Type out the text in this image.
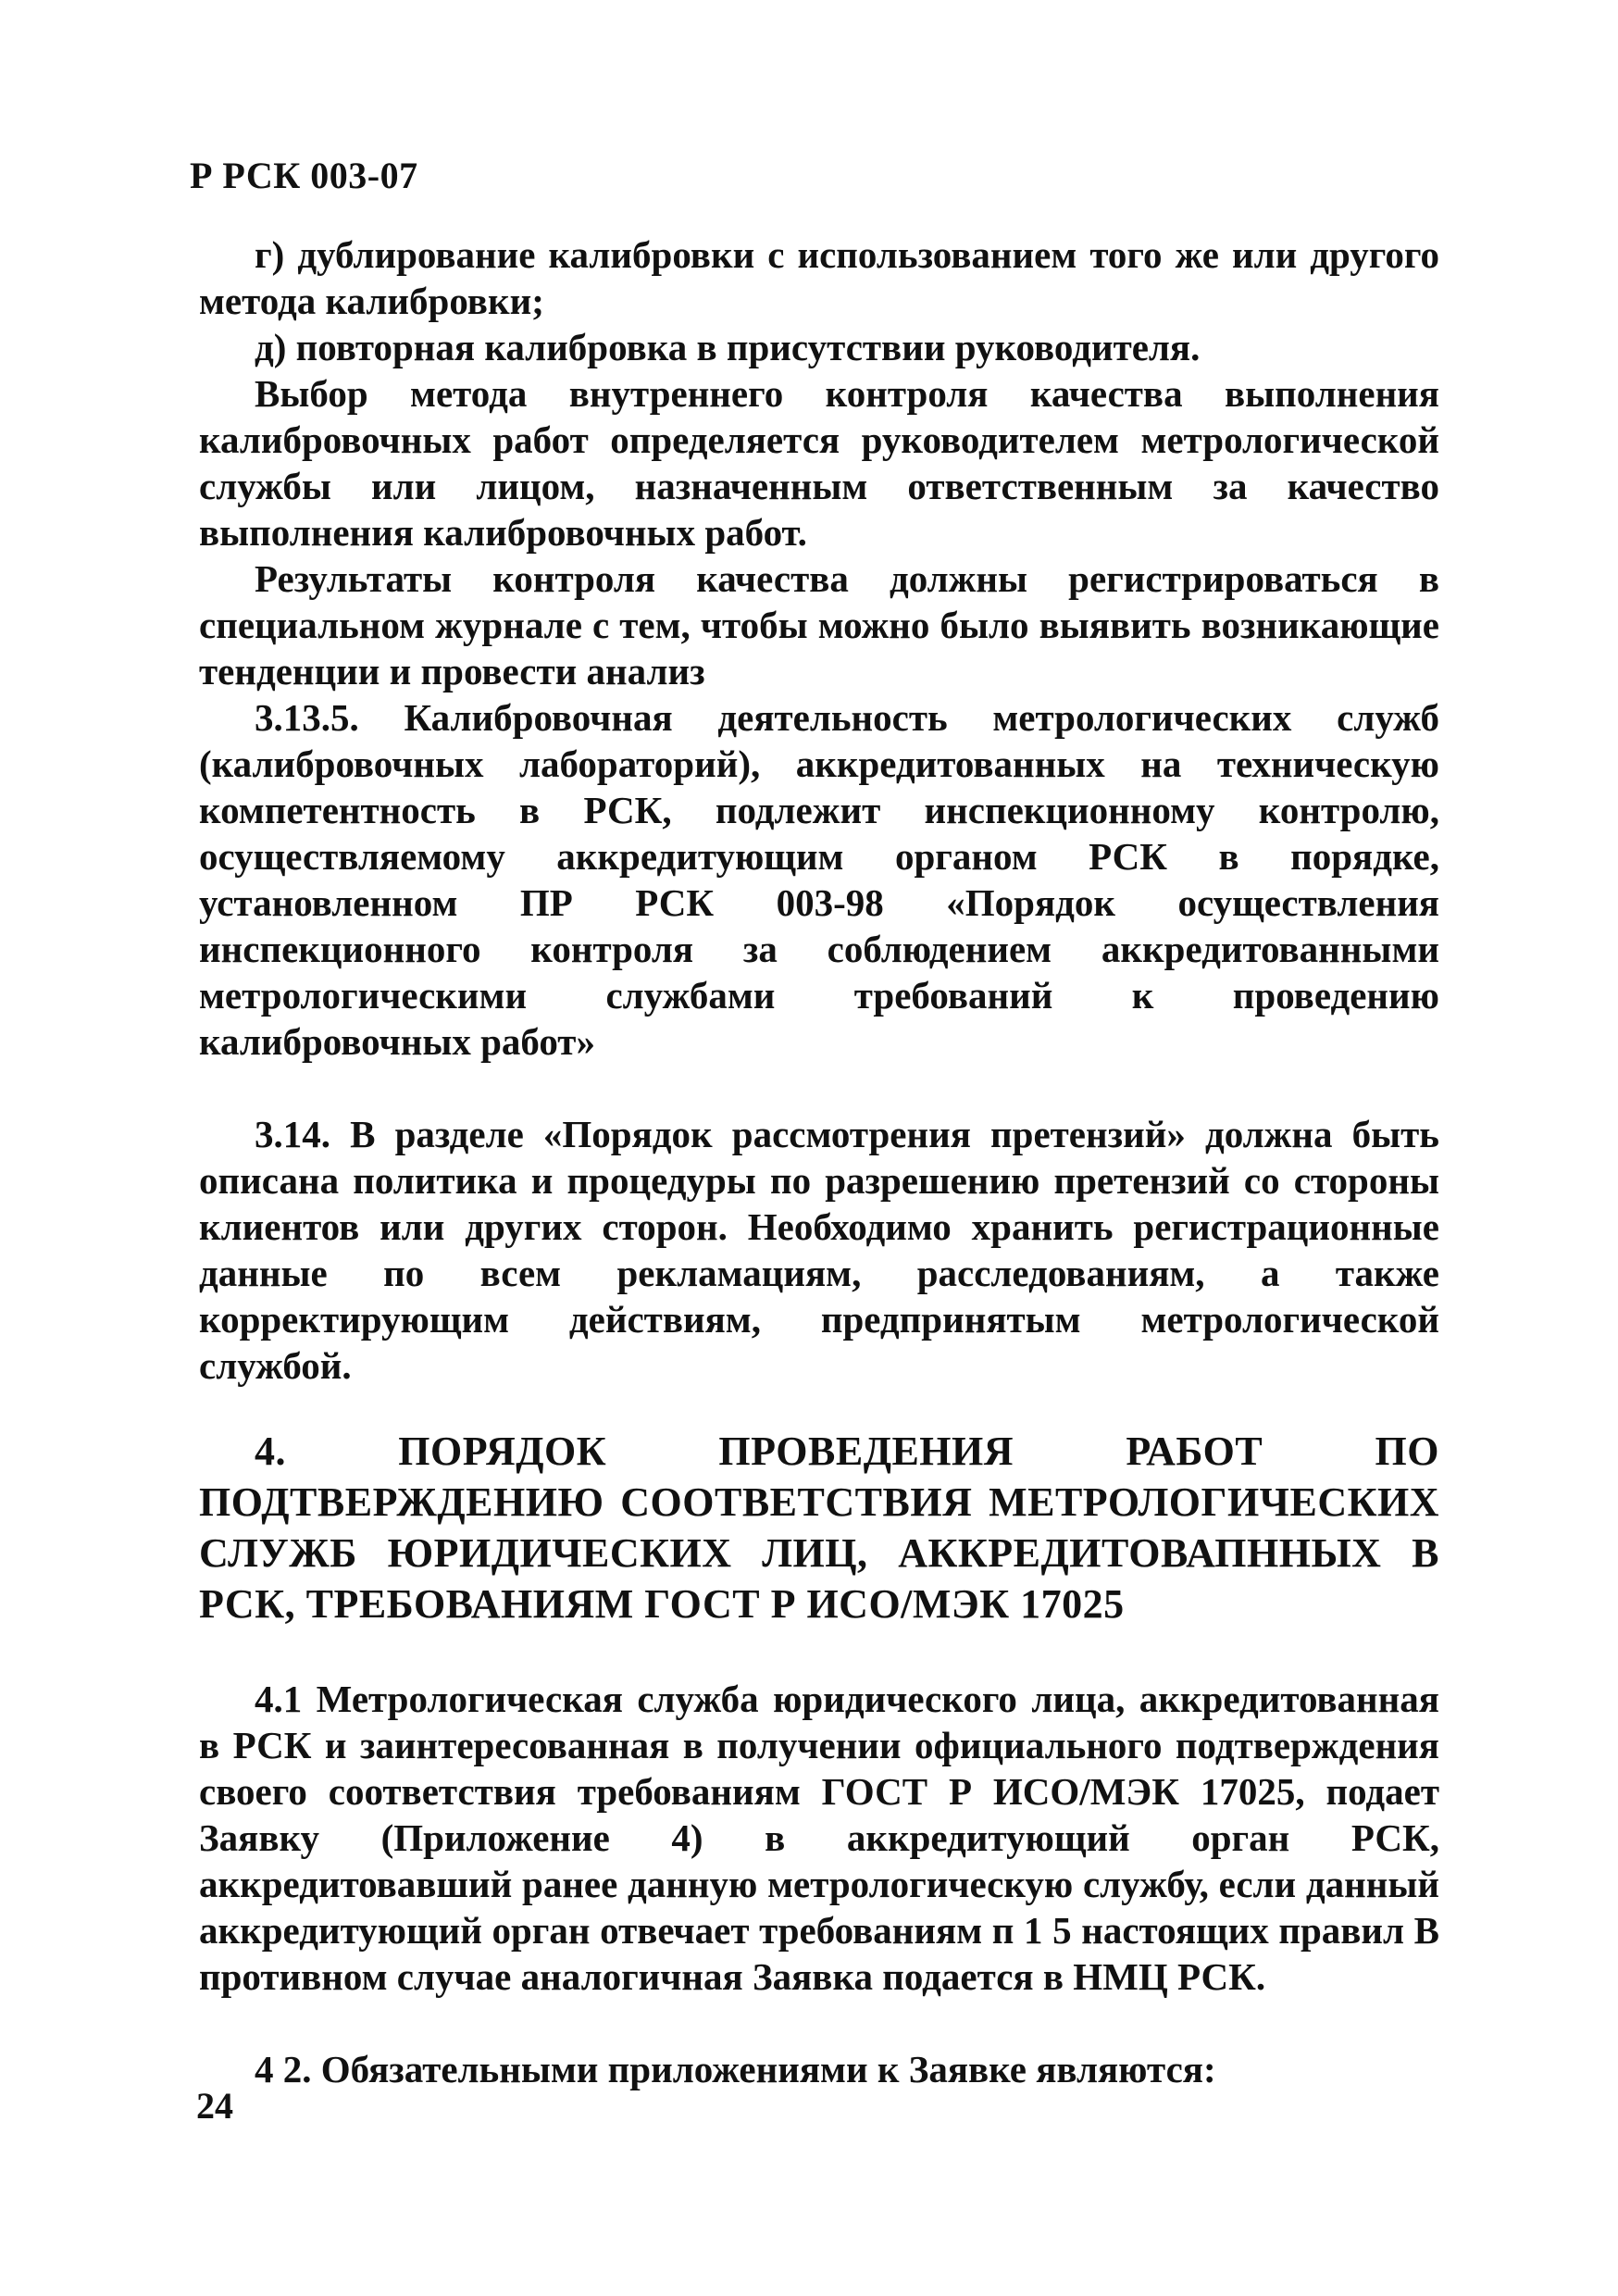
Р РСК 003-07

г) дублирование калибровки с использованием того же или другого метода калибровки;

д) повторная калибровка в присутствии руководителя.

Выбор метода внутреннего контроля качества выполнения калибровочных работ определяется руководителем метрологической службы или лицом, назначенным ответственным за качество выполнения калибровочных работ.

Результаты контроля качества должны регистрироваться в специальном журнале с тем, чтобы можно было выявить возникающие тенденции и провести анализ

3.13.5. Калибровочная деятельность метрологических служб (калибровочных лабораторий), аккредитованных на техническую компетентность в РСК, подлежит инспекционному контролю, осуществляемому аккредитующим органом РСК в порядке, установленном ПР РСК 003-98 «Порядок осуществления инспекционного контроля за соблюдением аккредитованными метрологическими службами требований к проведению калибровочных работ»

3.14. В разделе «Порядок рассмотрения претензий» должна быть описана политика и процедуры по разрешению претензий со стороны клиентов или других сторон. Необходимо хранить регистрационные данные по всем рекламациям, расследованиям, а также корректирующим действиям, предпринятым метрологической службой.

4. ПОРЯДОК ПРОВЕДЕНИЯ РАБОТ ПО ПОДТВЕРЖДЕНИЮ СООТВЕТСТВИЯ МЕТРОЛОГИЧЕСКИХ СЛУЖБ ЮРИДИЧЕСКИХ ЛИЦ, АККРЕДИТОВАПННЫХ В РСК, ТРЕБОВАНИЯМ ГОСТ Р ИСО/МЭК 17025

4.1 Метрологическая служба юридического лица, аккредитованная в РСК и заинтересованная в получении официального подтверждения своего соответствия требованиям ГОСТ Р ИСО/МЭК 17025, подает Заявку (Приложение 4) в аккредитующий орган РСК, аккредитовавший ранее данную метрологическую службу, если данный аккредитующий орган отвечает требованиям п 1 5 настоящих правил В противном случае аналогичная Заявка подается в НМЦ РСК.

4 2. Обязательными приложениями к Заявке являются:

24
